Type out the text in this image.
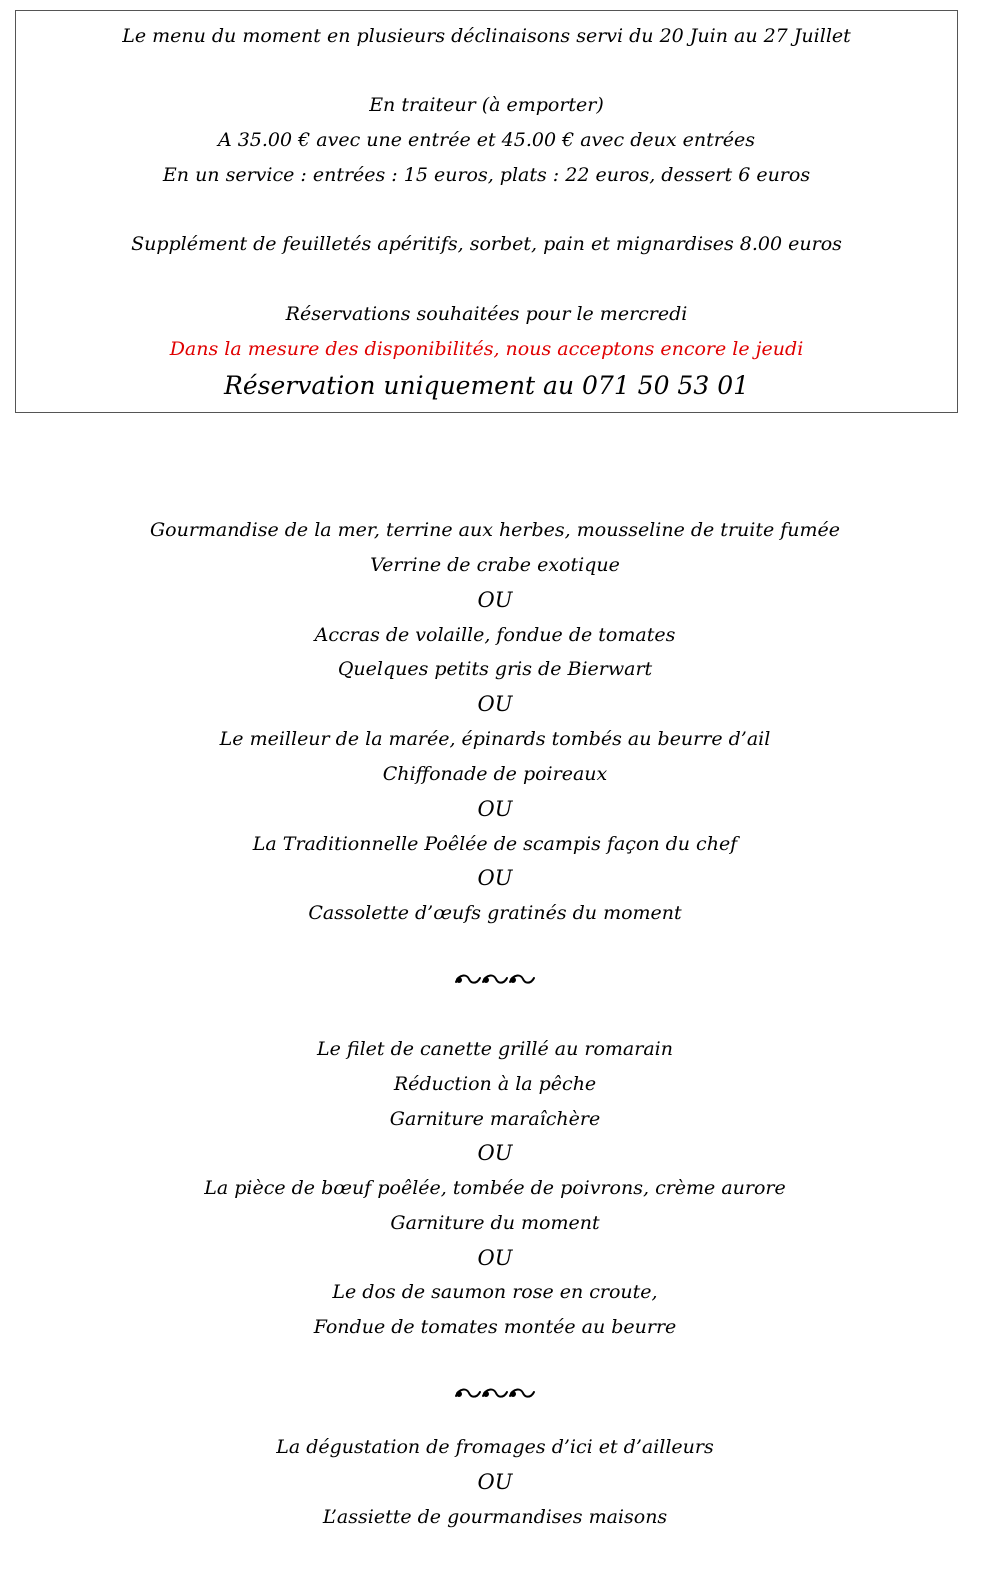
Le menu du moment en plusieurs déclinaisons servi du 20 Juin au 27 Juillet
En traiteur (à emporter)
A 35.00 € avec une entrée et 45.00 € avec deux entrées
En un service : entrées : 15 euros, plats : 22 euros, dessert 6 euros
Supplément de feuilletés apéritifs, sorbet, pain et mignardises 8.00 euros
Réservations souhaitées pour le mercredi
Dans la mesure des disponibilités, nous acceptons encore le jeudi
Réservation uniquement au 071 50 53 01
Gourmandise de la mer, terrine aux herbes, mousseline de truite fumée
Verrine de crabe exotique
OU
Accras de volaille, fondue de tomates
Quelques petits gris de Bierwart
OU
Le meilleur de la marée, épinards tombés au beurre d’ail
Chiffonade de poireaux
OU
La Traditionnelle Poêlée de scampis façon du chef
OU
Cassolette d’œufs gratinés du moment
Le filet de canette grillé au romarain
Réduction à la pêche
Garniture maraîchère
OU
La pièce de bœuf poêlée, tombée de poivrons, crème aurore
Garniture du moment
OU
Le dos de saumon rose en croute,
Fondue de tomates montée au beurre
La dégustation de fromages d’ici et d’ailleurs
OU
L’assiette de gourmandises maisons
